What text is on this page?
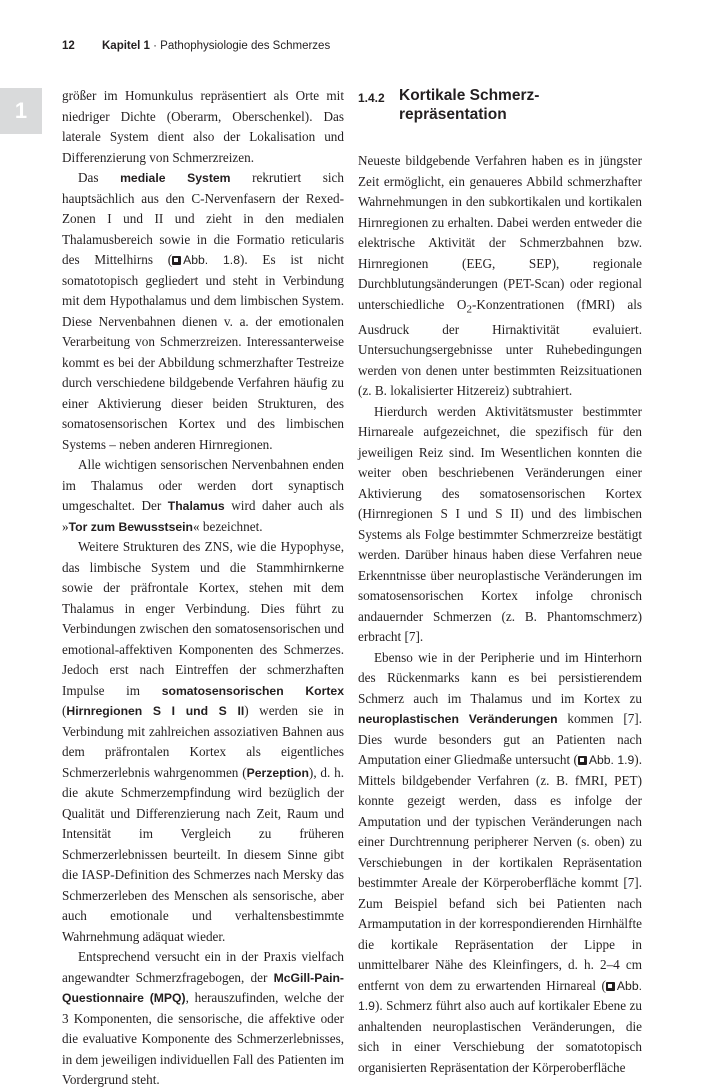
12 Kapitel 1 · Pathophysiologie des Schmerzes
1

größer im Homunkulus repräsentiert als Orte mit niedriger Dichte (Oberarm, Oberschenkel). Das laterale System dient also der Lokalisation und Differenzierung von Schmerzreizen.

Das mediale System rekrutiert sich hauptsächlich aus den C-Nervenfasern der Rexed-Zonen I und II und zieht in den medialen Thalamusbereich sowie in die Formatio reticularis des Mittelhirns ( Abb. 1.8). Es ist nicht somatotopisch gegliedert und steht in Verbindung mit dem Hypothalamus und dem limbischen System. Diese Nervenbahnen dienen v. a. der emotionalen Verarbeitung von Schmerzreizen. Interessanterweise kommt es bei der Abbildung schmerzhafter Testreize durch verschiedene bildgebende Verfahren häufig zu einer Aktivierung dieser beiden Strukturen, des somatosensorischen Kortex und des limbischen Systems – neben anderen Hirnregionen.

Alle wichtigen sensorischen Nervenbahnen enden im Thalamus oder werden dort synaptisch umgeschaltet. Der Thalamus wird daher auch als »Tor zum Bewusstsein« bezeichnet.

Weitere Strukturen des ZNS, wie die Hypophyse, das limbische System und die Stammhirnkerne sowie der präfrontale Kortex, stehen mit dem Thalamus in enger Verbindung. Dies führt zu Verbindungen zwischen den somatosensorischen und emotional-affektiven Komponenten des Schmerzes. Jedoch erst nach Eintreffen der schmerzhaften Impulse im somatosensorischen Kortex (Hirnregionen S I und S II) werden sie in Verbindung mit zahlreichen assoziativen Bahnen aus dem präfrontalen Kortex als eigentliches Schmerzerlebnis wahrgenommen (Perzeption), d. h. die akute Schmerzempfindung wird bezüglich der Qualität und Differenzierung nach Zeit, Raum und Intensität im Vergleich zu früheren Schmerzerlebnissen beurteilt. In diesem Sinne gibt die IASP-Definition des Schmerzes nach Mersky das Schmerzerleben des Menschen als sensorische, aber auch emotionale und verhaltensbestimmte Wahrnehmung adäquat wieder.

Entsprechend versucht ein in der Praxis vielfach angewandter Schmerzfragebogen, der McGill-Pain-Questionnaire (MPQ), herauszufinden, welche der 3 Komponenten, die sensorische, die affektive oder die evaluative Komponente des Schmerzerlebnisses, in dem jeweiligen individuellen Fall des Patienten im Vordergrund steht.

1.4.2 Kortikale Schmerz-
repräsentation

Neueste bildgebende Verfahren haben es in jüngster Zeit ermöglicht, ein genaueres Abbild schmerzhafter Wahrnehmungen in den subkortikalen und kortikalen Hirnregionen zu erhalten. Dabei werden entweder die elektrische Aktivität der Schmerzbahnen bzw. Hirnregionen (EEG, SEP), regionale Durchblutungsänderungen (PET-Scan) oder regional unterschiedliche $O_2$-Konzentrationen (fMRI) als Ausdruck der Hirnaktivität evaluiert. Untersuchungsergebnisse unter Ruhebedingungen werden von denen unter bestimmten Reizsituationen (z. B. lokalisierter Hitzereiz) subtrahiert.

Hierdurch werden Aktivitätsmuster bestimmter Hirnareale aufgezeichnet, die spezifisch für den jeweiligen Reiz sind. Im Wesentlichen konnten die weiter oben beschriebenen Veränderungen einer Aktivierung des somatosensorischen Kortex (Hirnregionen S I und S II) und des limbischen Systems als Folge bestimmter Schmerzreize bestätigt werden. Darüber hinaus haben diese Verfahren neue Erkenntnisse über neuroplastische Veränderungen im somatosensorischen Kortex infolge chronisch andauernder Schmerzen (z. B. Phantomschmerz) erbracht [7].

Ebenso wie in der Peripherie und im Hinterhorn des Rückenmarks kann es bei persistierendem Schmerz auch im Thalamus und im Kortex zu neuroplastischen Veränderungen kommen [7]. Dies wurde besonders gut an Patienten nach Amputation einer Gliedmaße untersucht ( Abb. 1.9). Mittels bildgebender Verfahren (z. B. fMRI, PET) konnte gezeigt werden, dass es infolge der Amputation und der typischen Veränderungen nach einer Durchtrennung peripherer Nerven (s. oben) zu Verschiebungen in der kortikalen Repräsentation bestimmter Areale der Körperoberfläche kommt [7]. Zum Beispiel befand sich bei Patienten nach Armamputation in der korrespondierenden Hirnhälfte die kortikale Repräsentation der Lippe in unmittelbarer Nähe des Kleinfingers, d. h. 2–4 cm entfernt von dem zu erwartenden Hirnareal ( Abb. 1.9). Schmerz führt also auch auf kortikaler Ebene zu anhaltenden neuroplastischen Veränderungen, die sich in einer Verschiebung der somatotopisch organisierten Repräsentation der Körperoberfläche
